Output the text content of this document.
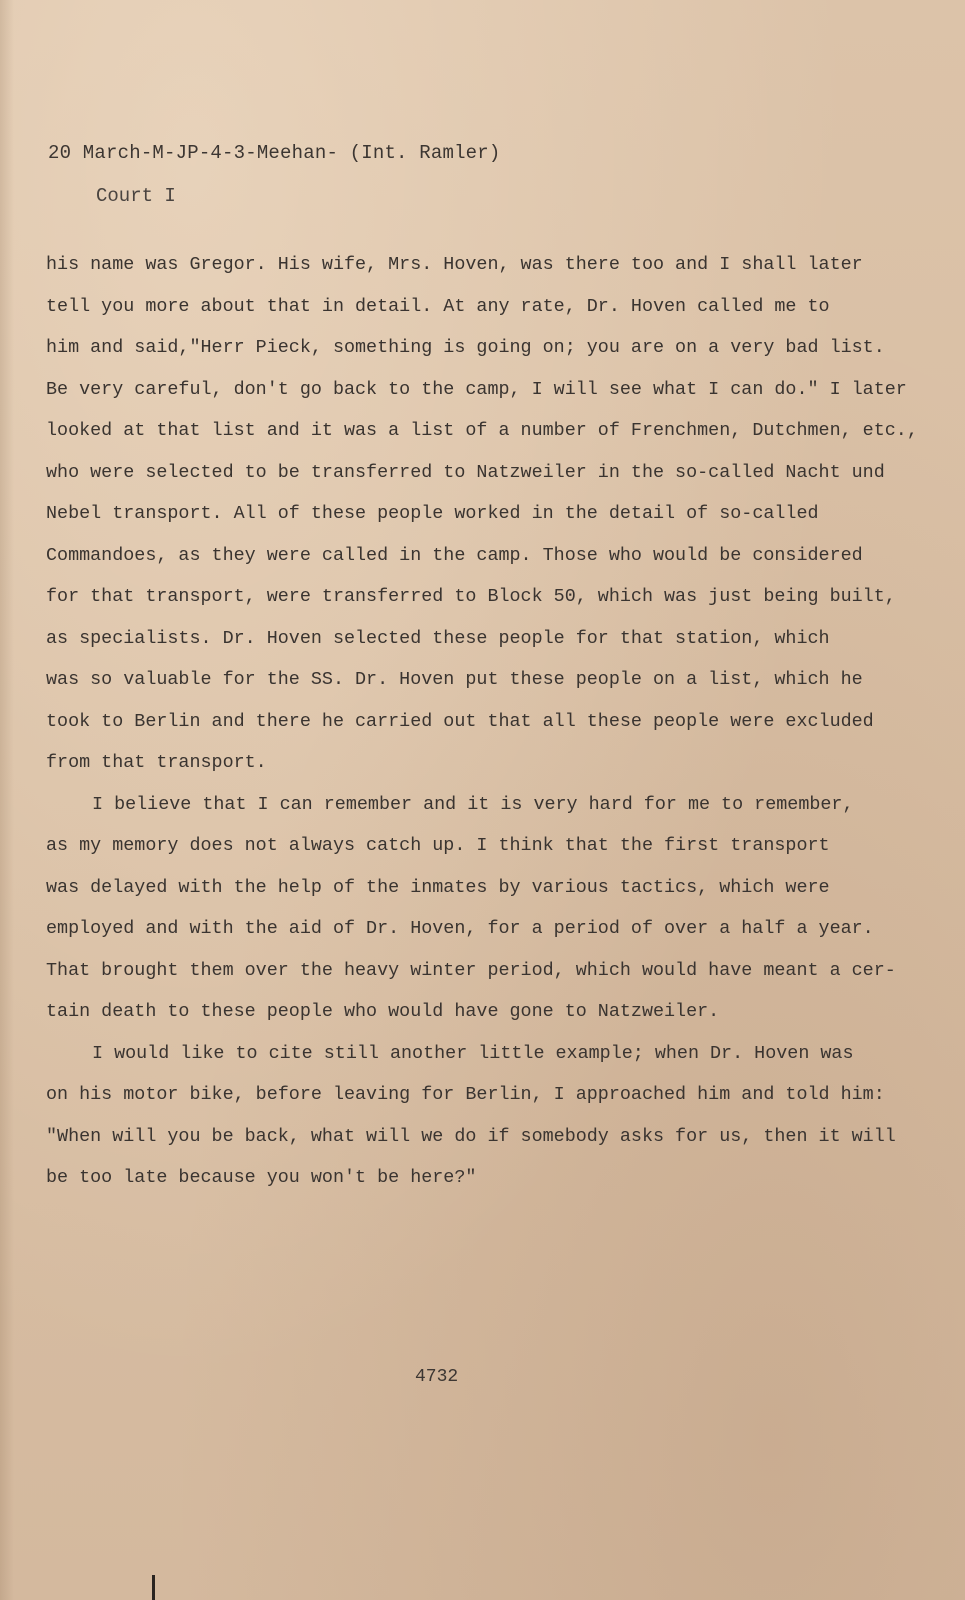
20 March-M-JP-4-3-Meehan- (Int. Ramler)
Court I
his name was Gregor. His wife, Mrs. Hoven, was there too and I shall later
tell you more about that in detail. At any rate, Dr. Hoven called me to
him and said,"Herr Pieck, something is going on; you are on a very bad list.
Be very careful, don't go back to the camp, I will see what I can do." I later
looked at that list and it was a list of a number of Frenchmen, Dutchmen, etc.,
who were selected to be transferred to Natzweiler in the so-called Nacht und
Nebel transport. All of these people worked in the detail of so-called
Commandoes, as they were called in the camp. Those who would be considered
for that transport, were transferred to Block 50, which was just being built,
as specialists. Dr. Hoven selected these people for that station, which
was so valuable for the SS. Dr. Hoven put these people on a list, which he
took to Berlin and there he carried out that all these people were excluded
from that transport.
I believe that I can remember and it is very hard for me to remember,
as my memory does not always catch up. I think that the first transport
was delayed with the help of the inmates by various tactics, which were
employed and with the aid of Dr. Hoven, for a period of over a half a year.
That brought them over the heavy winter period, which would have meant a cer-
tain death to these people who would have gone to Natzweiler.
I would like to cite still another little example; when Dr. Hoven was
on his motor bike, before leaving for Berlin, I approached him and told him:
"When will you be back, what will we do if somebody asks for us, then it will
be too late because you won't be here?"
4732
